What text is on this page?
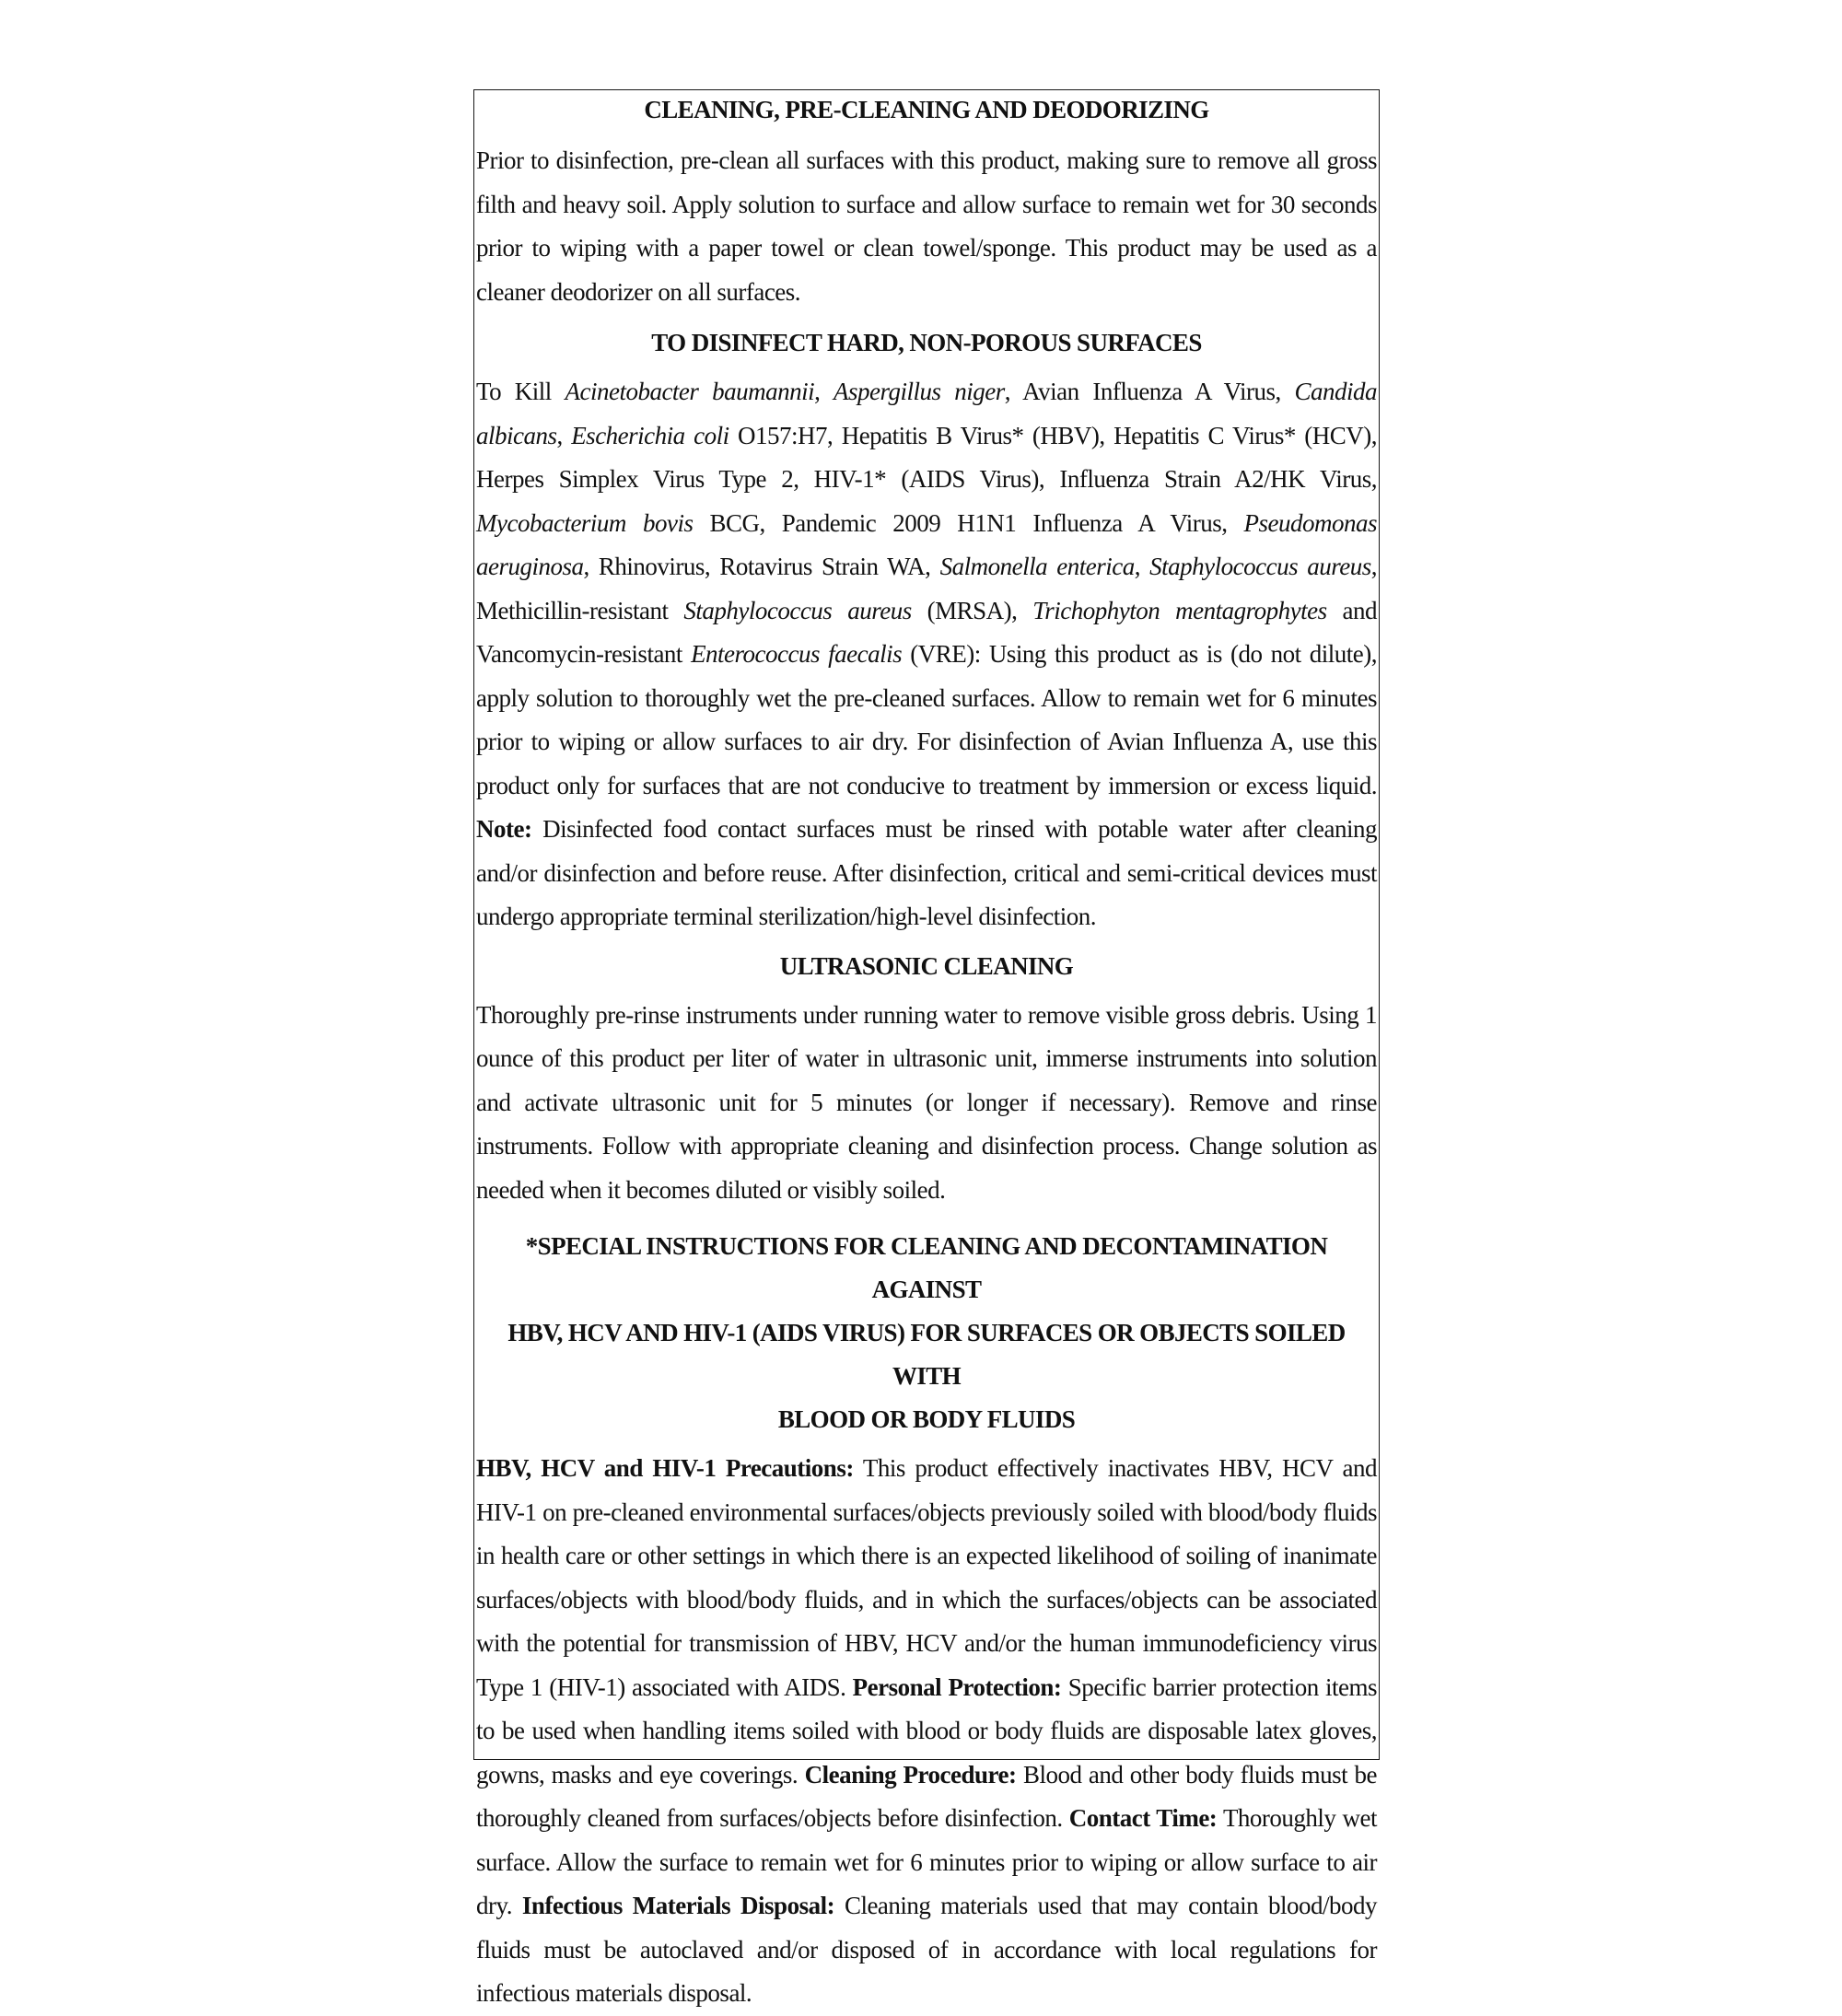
CLEANING, PRE-CLEANING AND DEODORIZING

Prior to disinfection, pre-clean all surfaces with this product, making sure to remove all gross filth and heavy soil. Apply solution to surface and allow surface to remain wet for 30 seconds prior to wiping with a paper towel or clean towel/sponge. This product may be used as a cleaner deodorizer on all surfaces.

TO DISINFECT HARD, NON-POROUS SURFACES

To Kill Acinetobacter baumannii, Aspergillus niger, Avian Influenza A Virus, Candida albicans, Escherichia coli O157:H7, Hepatitis B Virus* (HBV), Hepatitis C Virus* (HCV), Herpes Simplex Virus Type 2, HIV-1* (AIDS Virus), Influenza Strain A2/HK Virus, Mycobacterium bovis BCG, Pandemic 2009 H1N1 Influenza A Virus, Pseudomonas aeruginosa, Rhinovirus, Rotavirus Strain WA, Salmonella enterica, Staphylococcus aureus, Methicillin-resistant Staphylococcus aureus (MRSA), Trichophyton mentagrophytes and Vancomycin-resistant Enterococcus faecalis (VRE): Using this product as is (do not dilute), apply solution to thoroughly wet the pre-cleaned surfaces. Allow to remain wet for 6 minutes prior to wiping or allow surfaces to air dry. For disinfection of Avian Influenza A, use this product only for surfaces that are not conducive to treatment by immersion or excess liquid. Note: Disinfected food contact surfaces must be rinsed with potable water after cleaning and/or disinfection and before reuse. After disinfection, critical and semi-critical devices must undergo appropriate terminal sterilization/high-level disinfection.

ULTRASONIC CLEANING

Thoroughly pre-rinse instruments under running water to remove visible gross debris. Using 1 ounce of this product per liter of water in ultrasonic unit, immerse instruments into solution and activate ultrasonic unit for 5 minutes (or longer if necessary). Remove and rinse instruments. Follow with appropriate cleaning and disinfection process. Change solution as needed when it becomes diluted or visibly soiled.

*SPECIAL INSTRUCTIONS FOR CLEANING AND DECONTAMINATION AGAINST
HBV, HCV AND HIV-1 (AIDS VIRUS) FOR SURFACES OR OBJECTS SOILED WITH
BLOOD OR BODY FLUIDS

HBV, HCV and HIV-1 Precautions: This product effectively inactivates HBV, HCV and HIV-1 on pre-cleaned environmental surfaces/objects previously soiled with blood/body fluids in health care or other settings in which there is an expected likelihood of soiling of inanimate surfaces/objects with blood/body fluids, and in which the surfaces/objects can be associated with the potential for transmission of HBV, HCV and/or the human immunodeficiency virus Type 1 (HIV-1) associated with AIDS. Personal Protection: Specific barrier protection items to be used when handling items soiled with blood or body fluids are disposable latex gloves, gowns, masks and eye coverings. Cleaning Procedure: Blood and other body fluids must be thoroughly cleaned from surfaces/objects before disinfection. Contact Time: Thoroughly wet surface. Allow the surface to remain wet for 6 minutes prior to wiping or allow surface to air dry. Infectious Materials Disposal: Cleaning materials used that may contain blood/body fluids must be autoclaved and/or disposed of in accordance with local regulations for infectious materials disposal.
